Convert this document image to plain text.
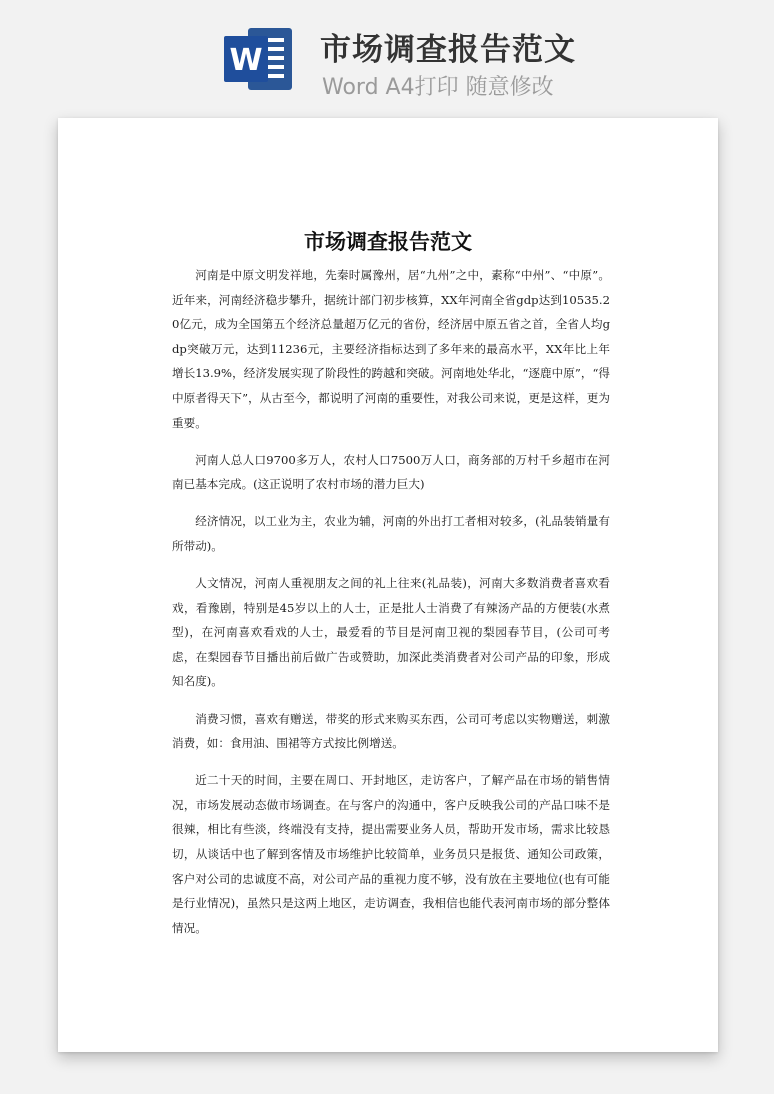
W 市场调查报告范文
Word A4打印 随意修改
市场调查报告范文

河南是中原文明发祥地，先秦时属豫州，居“九州”之中，素称“中州”、“中原”。近年来，河南经济稳步攀升，据统计部门初步核算，XX年河南全省gdp达到10535.20亿元，成为全国第五个经济总量超万亿元的省份，经济居中原五省之首，全省人均gdp突破万元，达到11236元，主要经济指标达到了多年来的最高水平，XX年比上年增长13.9%，经济发展实现了阶段性的跨越和突破。河南地处华北，“逐鹿中原”，“得中原者得天下”，从古至今，都说明了河南的重要性，对我公司来说，更是这样，更为重要。

河南人总人口9700多万人，农村人口7500万人口，商务部的万村千乡超市在河南已基本完成。(这正说明了农村市场的潜力巨大)

经济情况，以工业为主，农业为辅，河南的外出打工者相对较多，(礼品装销量有所带动)。

人文情况，河南人重视朋友之间的礼上往来(礼品装)，河南大多数消费者喜欢看戏，看豫剧，特别是45岁以上的人士，正是批人士消费了有辣汤产品的方便装(水煮型)，在河南喜欢看戏的人士，最爱看的节目是河南卫视的梨园春节目，(公司可考虑，在梨园春节目播出前后做广告或赞助，加深此类消费者对公司产品的印象，形成知名度)。

消费习惯，喜欢有赠送，带奖的形式来购买东西，公司可考虑以实物赠送，刺激消费，如：食用油、围裙等方式按比例增送。

近二十天的时间，主要在周口、开封地区，走访客户，了解产品在市场的销售情况，市场发展动态做市场调查。在与客户的沟通中，客户反映我公司的产品口味不是很辣，相比有些淡，终端没有支持，提出需要业务人员，帮助开发市场，需求比较恳切，从谈话中也了解到客情及市场维护比较简单，业务员只是报货、通知公司政策，客户对公司的忠诚度不高，对公司产品的重视力度不够，没有放在主要地位(也有可能是行业情况)，虽然只是这两上地区，走访调查，我相信也能代表河南市场的部分整体情况。
